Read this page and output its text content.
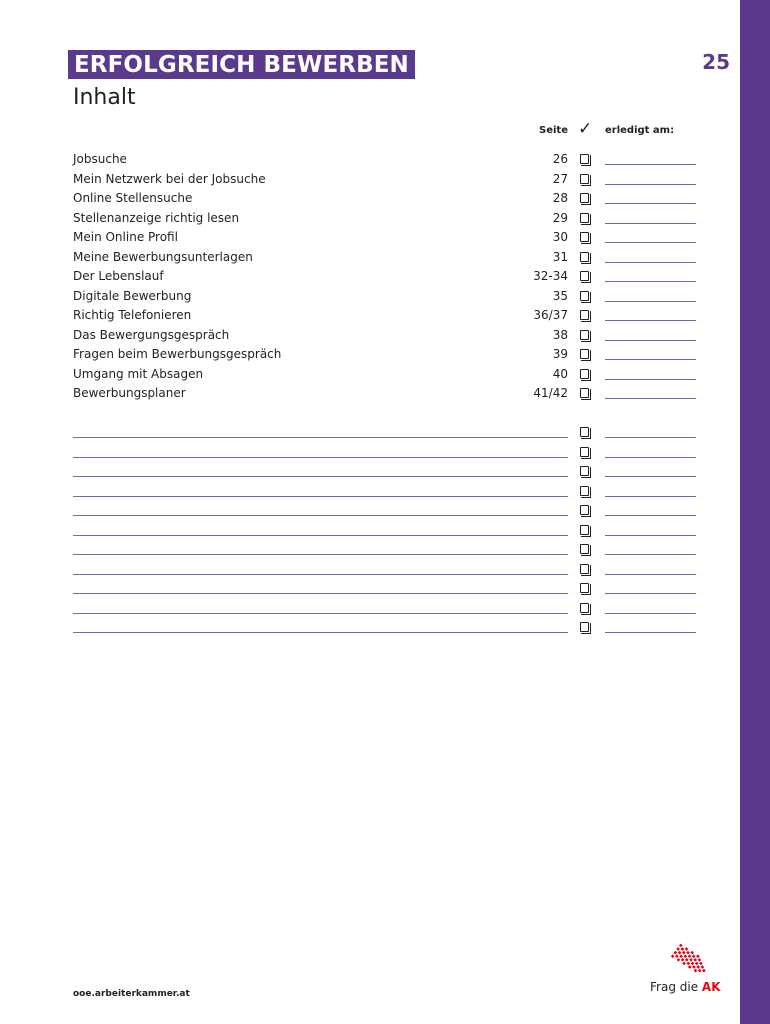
ERFOLGREICH BEWERBEN	25
Inhalt
Seite ✓ erledigt am:
Jobsuche	26
Mein Netzwerk bei der Jobsuche	27
Online Stellensuche	28
Stellenanzeige richtig lesen	29
Mein Online Profil	30
Meine Bewerbungsunterlagen	31
Der Lebenslauf	32-34
Digitale Bewerbung	35
Richtig Telefonieren	36/37
Das Bewergungsgespräch	38
Fragen beim Bewerbungsgespräch	39
Umgang mit Absagen	40
Bewerbungsplaner	41/42
ooe.arbeiterkammer.at	Frag die AK
